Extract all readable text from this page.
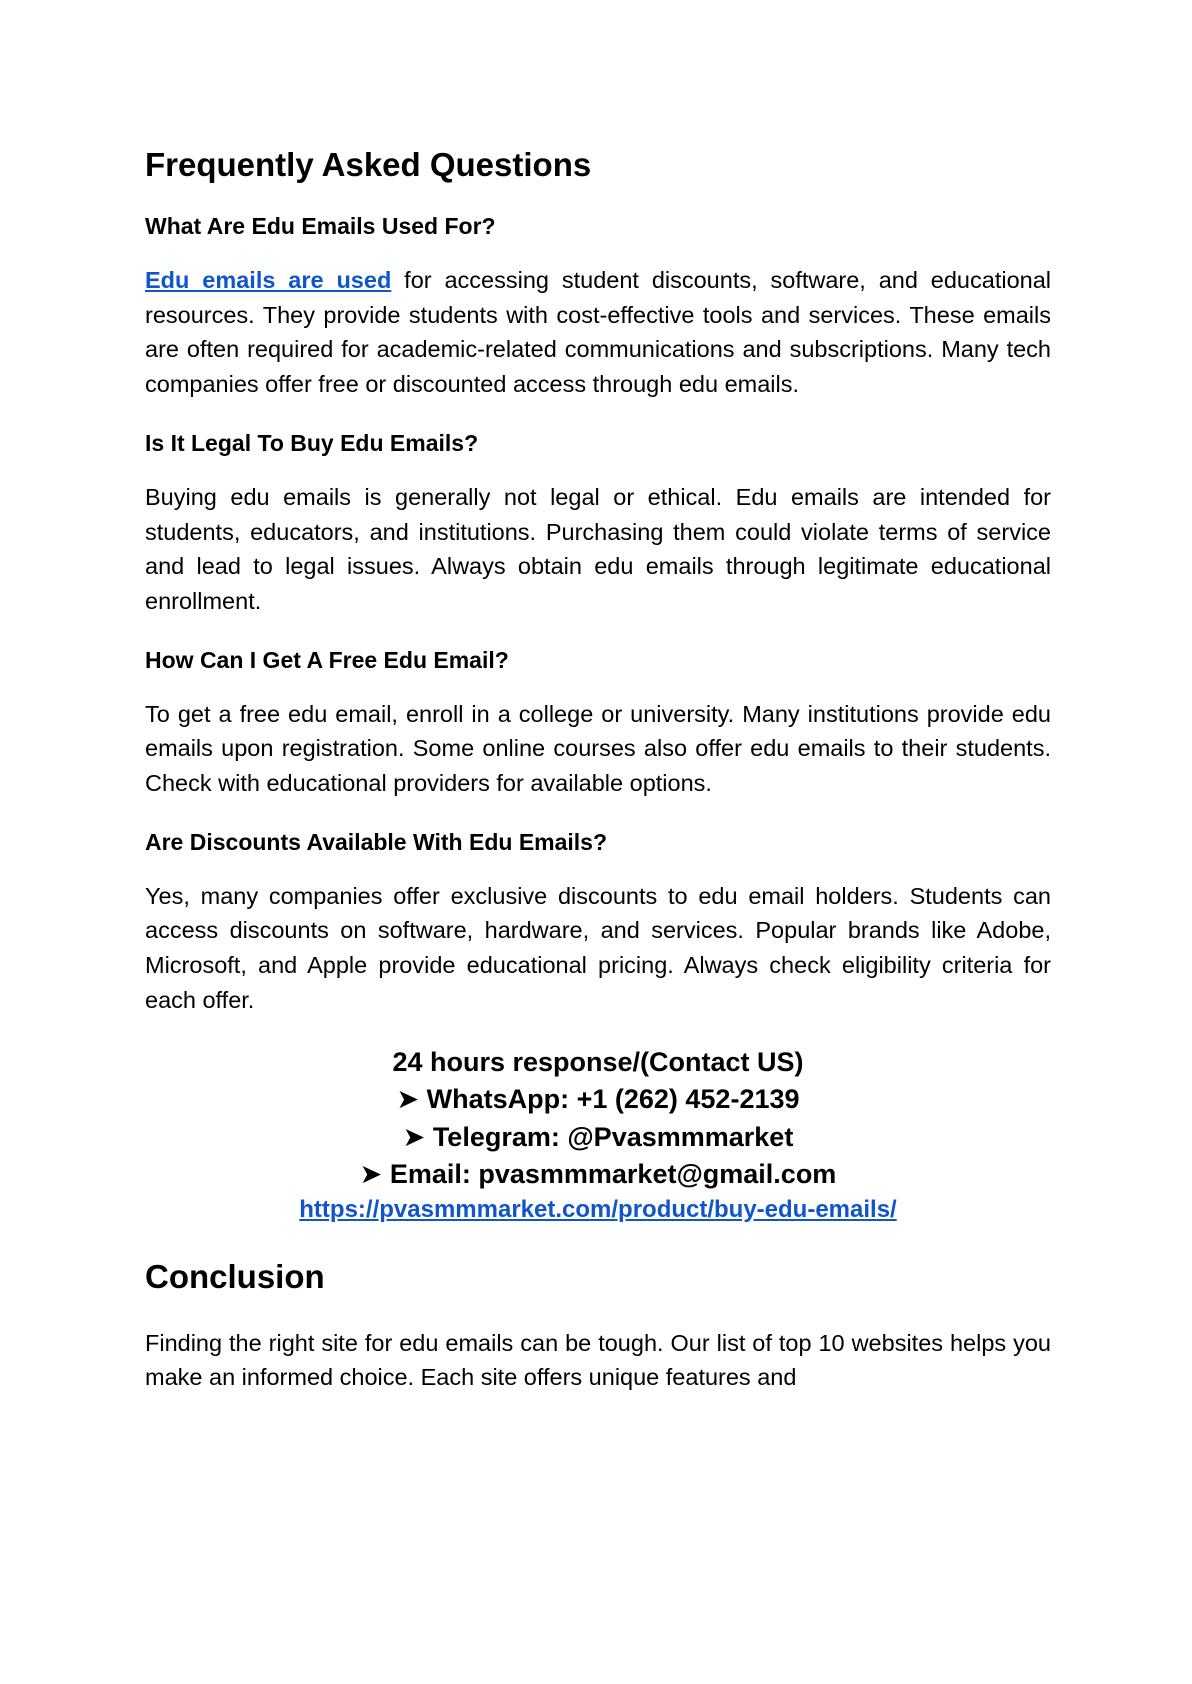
Frequently Asked Questions
What Are Edu Emails Used For?

Edu emails are used for accessing student discounts, software, and educational resources. They provide students with cost-effective tools and services. These emails are often required for academic-related communications and subscriptions. Many tech companies offer free or discounted access through edu emails.

Is It Legal To Buy Edu Emails?

Buying edu emails is generally not legal or ethical. Edu emails are intended for students, educators, and institutions. Purchasing them could violate terms of service and lead to legal issues. Always obtain edu emails through legitimate educational enrollment.

How Can I Get A Free Edu Email?

To get a free edu email, enroll in a college or university. Many institutions provide edu emails upon registration. Some online courses also offer edu emails to their students. Check with educational providers for available options.

Are Discounts Available With Edu Emails?

Yes, many companies offer exclusive discounts to edu email holders. Students can access discounts on software, hardware, and services. Popular brands like Adobe, Microsoft, and Apple provide educational pricing. Always check eligibility criteria for each offer.

24 hours response/(Contact US)
➤ WhatsApp: +1 (262) 452-2139
➤ Telegram: @Pvasmmmarket
➤ Email: pvasmmmarket@gmail.com
https://pvasmmmarket.com/product/buy-edu-emails/
Conclusion

Finding the right site for edu emails can be tough. Our list of top 10 websites helps you make an informed choice. Each site offers unique features and
